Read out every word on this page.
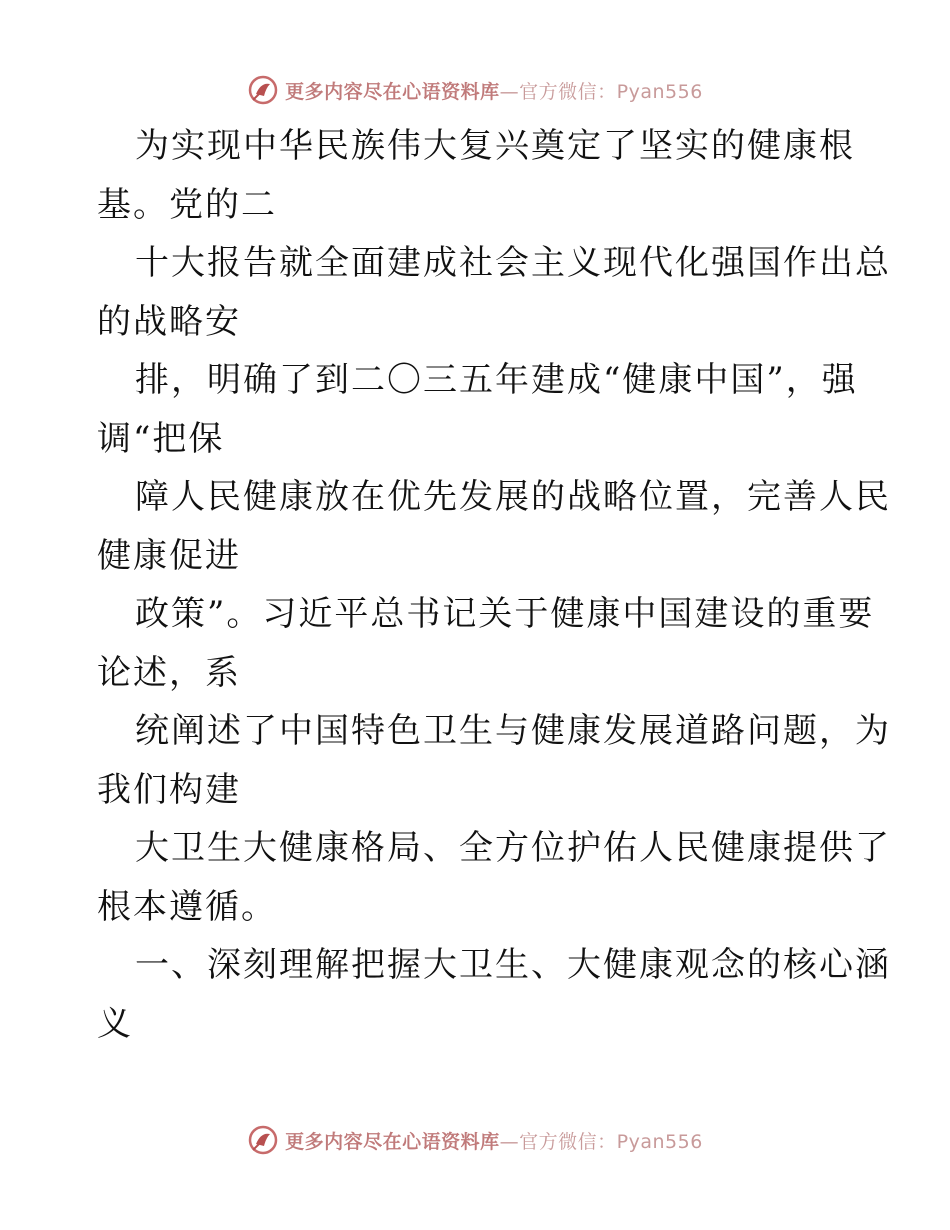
更多内容尽在心语资料库—官方微信：Pyan556
为实现中华民族伟大复兴奠定了坚实的健康根
基。党的二
十大报告就全面建成社会主义现代化强国作出总
的战略安
排，明确了到二〇三五年建成“健康中国”，强
调“把保
障人民健康放在优先发展的战略位置，完善人民
健康促进
政策”。习近平总书记关于健康中国建设的重要
论述，系
统阐述了中国特色卫生与健康发展道路问题，为
我们构建
大卫生大健康格局、全方位护佑人民健康提供了
根本遵循。
一、深刻理解把握大卫生、大健康观念的核心涵
义
更多内容尽在心语资料库—官方微信：Pyan556
